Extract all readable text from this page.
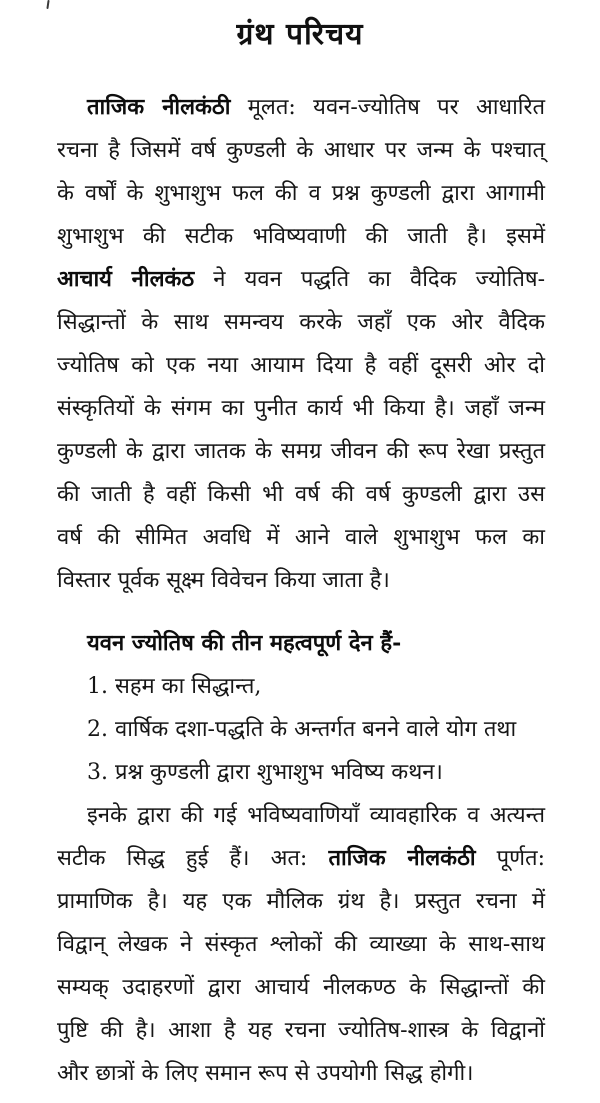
ग्रंथ परिचय
ताजिक नीलकंठी मूलत: यवन-ज्योतिष पर आधारित
रचना है जिसमें वर्ष कुण्डली के आधार पर जन्म के पश्चात्
के वर्षों के शुभाशुभ फल की व प्रश्न कुण्डली द्वारा आगामी
शुभाशुभ की सटीक भविष्यवाणी की जाती है। इसमें
आचार्य नीलकंठ ने यवन पद्धति का वैदिक ज्योतिष-
सिद्धान्तों के साथ समन्वय करके जहाँ एक ओर वैदिक
ज्योतिष को एक नया आयाम दिया है वहीं दूसरी ओर दो
संस्कृतियों के संगम का पुनीत कार्य भी किया है। जहाँ जन्म
कुण्डली के द्वारा जातक के समग्र जीवन की रूप रेखा प्रस्तुत
की जाती है वहीं किसी भी वर्ष की वर्ष कुण्डली द्वारा उस
वर्ष की सीमित अवधि में आने वाले शुभाशुभ फल का
विस्तार पूर्वक सूक्ष्म विवेचन किया जाता है।
यवन ज्योतिष की तीन महत्वपूर्ण देन हैं-
1. सहम का सिद्धान्त,
2. वार्षिक दशा-पद्धति के अन्तर्गत बनने वाले योग तथा
3. प्रश्न कुण्डली द्वारा शुभाशुभ भविष्य कथन।
इनके द्वारा की गई भविष्यवाणियाँ व्यावहारिक व अत्यन्त
सटीक सिद्ध हुई हैं। अत: ताजिक नीलकंठी पूर्णत:
प्रामाणिक है। यह एक मौलिक ग्रंथ है। प्रस्तुत रचना में
विद्वान् लेखक ने संस्कृत श्लोकों की व्याख्या के साथ-साथ
सम्यक् उदाहरणों द्वारा आचार्य नीलकण्ठ के सिद्धान्तों की
पुष्टि की है। आशा है यह रचना ज्योतिष-शास्त्र के विद्वानों
और छात्रों के लिए समान रूप से उपयोगी सिद्ध होगी।
